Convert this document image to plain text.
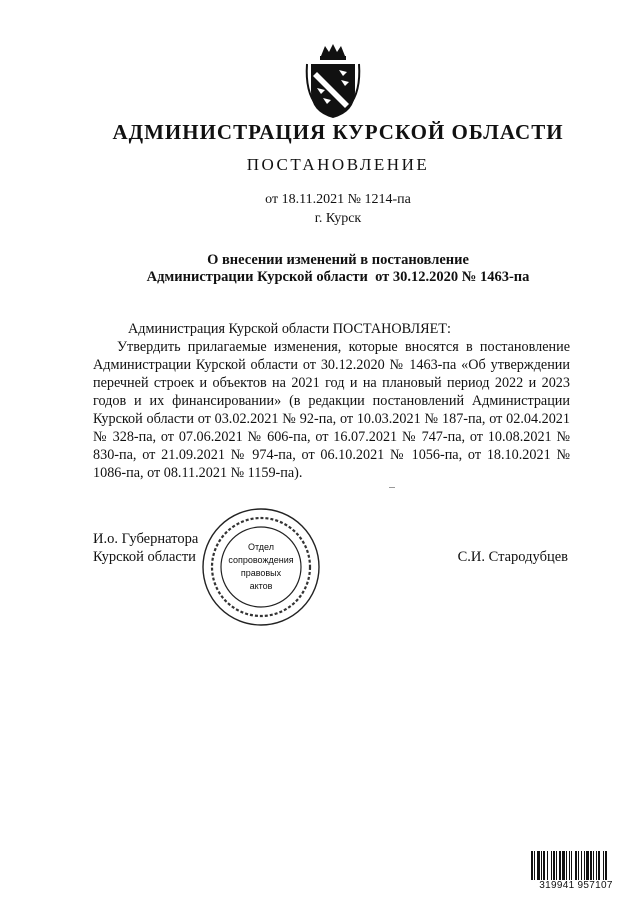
АДМИНИСТРАЦИЯ КУРСКОЙ ОБЛАСТИ
ПОСТАНОВЛЕНИЕ
от 18.11.2021 № 1214-па
г. Курск
О внесении изменений в постановление
Администрации Курской области  от 30.12.2020 № 1463-па

Администрация Курской области ПОСТАНОВЛЯЕТ:

Утвердить прилагаемые изменения, которые вносятся в постановление Администрации Курской области от 30.12.2020 № 1463-па «Об утверждении перечней строек и объектов на 2021 год и на плановый период 2022 и 2023 годов и их финансировании» (в редакции постановлений Администрации Курской области от 03.02.2021 № 92-па, от 10.03.2021 № 187-па, от 02.04.2021 № 328-па, от 07.06.2021 № 606-па, от 16.07.2021 № 747-па, от 10.08.2021 № 830-па, от 21.09.2021 № 974-па, от 06.10.2021 № 1056-па, от 18.10.2021 № 1086-па, от 08.11.2021 № 1159-па).

И.о. Губернатора
Курской области
Отдел
сопровождения
правовых
актов
С.И. Стародубцев
319941 957107
